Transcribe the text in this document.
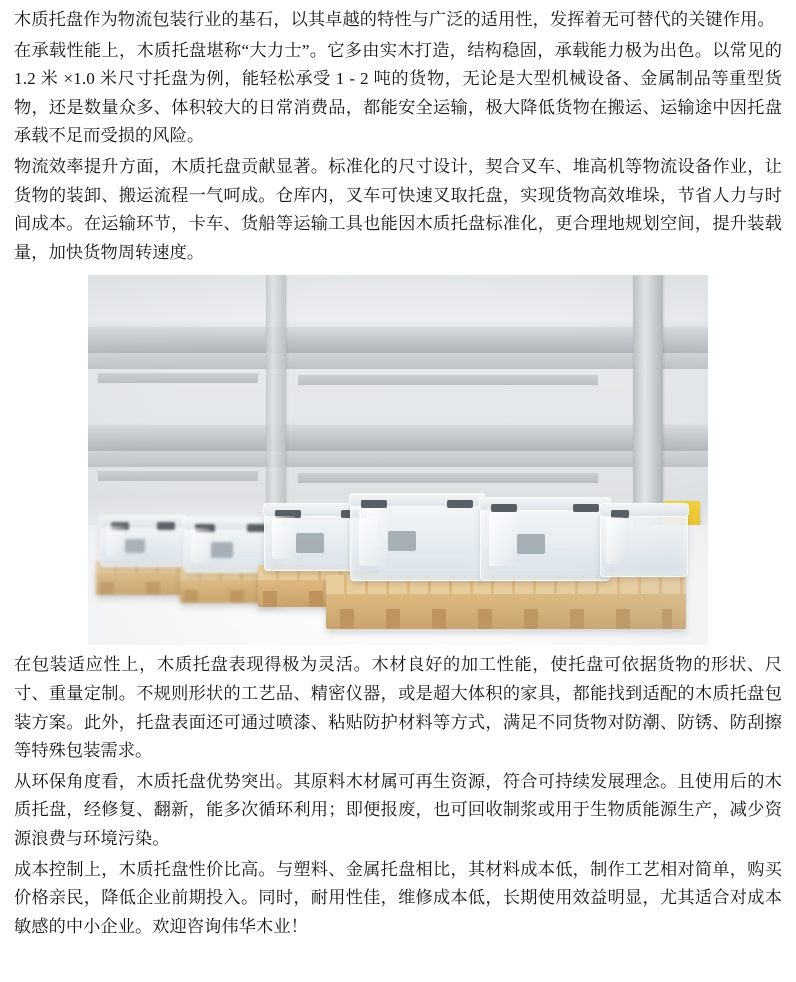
木质托盘作为物流包装行业的基石，以其卓越的特性与广泛的适用性，发挥着无可替代的关键作用。

在承载性能上，木质托盘堪称“大力士”。它多由实木打造，结构稳固，承载能力极为出色。以常见的 1.2 米 ×1.0 米尺寸托盘为例，能轻松承受 1 - 2 吨的货物，无论是大型机械设备、金属制品等重型货物，还是数量众多、体积较大的日常消费品，都能安全运输，极大降低货物在搬运、运输途中因托盘承载不足而受损的风险。

物流效率提升方面，木质托盘贡献显著。标准化的尺寸设计，契合叉车、堆高机等物流设备作业，让货物的装卸、搬运流程一气呵成。仓库内，叉车可快速叉取托盘，实现货物高效堆垛，节省人力与时间成本。在运输环节，卡车、货船等运输工具也能因木质托盘标准化，更合理地规划空间，提升装载量，加快货物周转速度。

在包装适应性上，木质托盘表现得极为灵活。木材良好的加工性能，使托盘可依据货物的形状、尺寸、重量定制。不规则形状的工艺品、精密仪器，或是超大体积的家具，都能找到适配的木质托盘包装方案。此外，托盘表面还可通过喷漆、粘贴防护材料等方式，满足不同货物对防潮、防锈、防刮擦等特殊包装需求。

从环保角度看，木质托盘优势突出。其原料木材属可再生资源，符合可持续发展理念。且使用后的木质托盘，经修复、翻新，能多次循环利用；即便报废，也可回收制浆或用于生物质能源生产，减少资源浪费与环境污染。

成本控制上，木质托盘性价比高。与塑料、金属托盘相比，其材料成本低，制作工艺相对简单，购买价格亲民，降低企业前期投入。同时，耐用性佳，维修成本低，长期使用效益明显，尤其适合对成本敏感的中小企业。欢迎咨询伟华木业！
